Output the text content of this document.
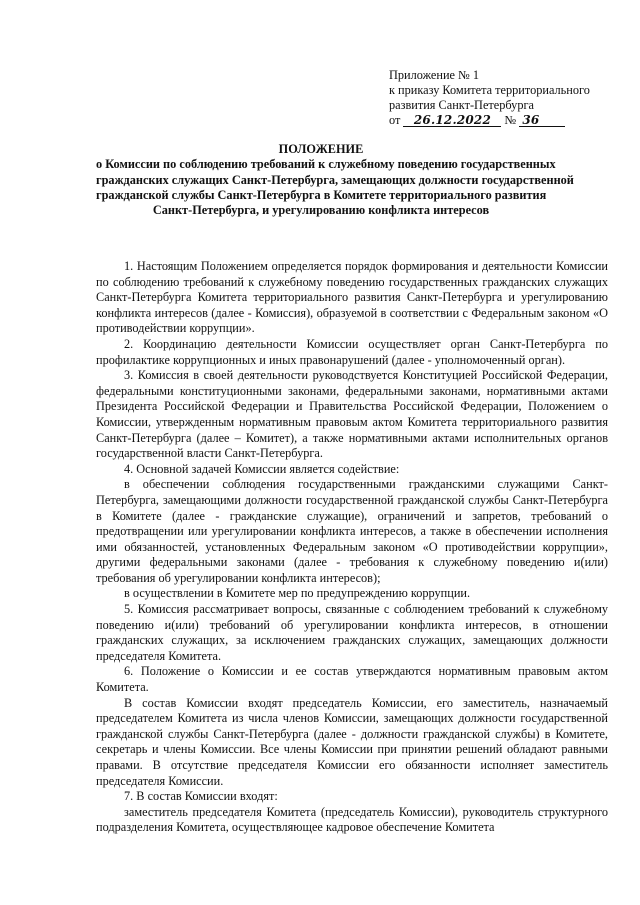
Приложение № 1
к приказу Комитета территориального
развития Санкт-Петербурга
от 26.12.2022 № 36
ПОЛОЖЕНИЕ
о Комиссии по соблюдению требований к служебному поведению государственных
гражданских служащих Санкт-Петербурга, замещающих должности государственной
гражданской службы Санкт-Петербурга в Комитете территориального развития
Санкт-Петербурга, и урегулированию конфликта интересов

1. Настоящим Положением определяется порядок формирования и деятельности Комиссии по соблюдению требований к служебному поведению государственных гражданских служащих Санкт-Петербурга Комитета территориального развития Санкт-Петербурга и урегулированию конфликта интересов (далее - Комиссия), образуемой в соответствии с Федеральным законом «О противодействии коррупции».

2. Координацию деятельности Комиссии осуществляет орган Санкт-Петербурга по профилактике коррупционных и иных правонарушений (далее - уполномоченный орган).

3. Комиссия в своей деятельности руководствуется Конституцией Российской Федерации, федеральными конституционными законами, федеральными законами, нормативными актами Президента Российской Федерации и Правительства Российской Федерации, Положением о Комиссии, утвержденным нормативным правовым актом Комитета территориального развития Санкт-Петербурга (далее – Комитет), а также нормативными актами исполнительных органов государственной власти Санкт-Петербурга.

4. Основной задачей Комиссии является содействие:

в обеспечении соблюдения государственными гражданскими служащими Санкт-Петербурга, замещающими должности государственной гражданской службы Санкт-Петербурга в Комитете (далее - гражданские служащие), ограничений и запретов, требований о предотвращении или урегулировании конфликта интересов, а также в обеспечении исполнения ими обязанностей, установленных Федеральным законом «О противодействии коррупции», другими федеральными законами (далее - требования к служебному поведению и(или) требования об урегулировании конфликта интересов);

в осуществлении в Комитете мер по предупреждению коррупции.

5. Комиссия рассматривает вопросы, связанные с соблюдением требований к служебному поведению и(или) требований об урегулировании конфликта интересов, в отношении гражданских служащих, за исключением гражданских служащих, замещающих должности председателя Комитета.

6. Положение о Комиссии и ее состав утверждаются нормативным правовым актом Комитета.

В состав Комиссии входят председатель Комиссии, его заместитель, назначаемый председателем Комитета из числа членов Комиссии, замещающих должности государственной гражданской службы Санкт-Петербурга (далее - должности гражданской службы) в Комитете, секретарь и члены Комиссии. Все члены Комиссии при принятии решений обладают равными правами. В отсутствие председателя Комиссии его обязанности исполняет заместитель председателя Комиссии.

7. В состав Комиссии входят:

заместитель председателя Комитета (председатель Комиссии), руководитель структурного подразделения Комитета, осуществляющее кадровое обеспечение Комитета
